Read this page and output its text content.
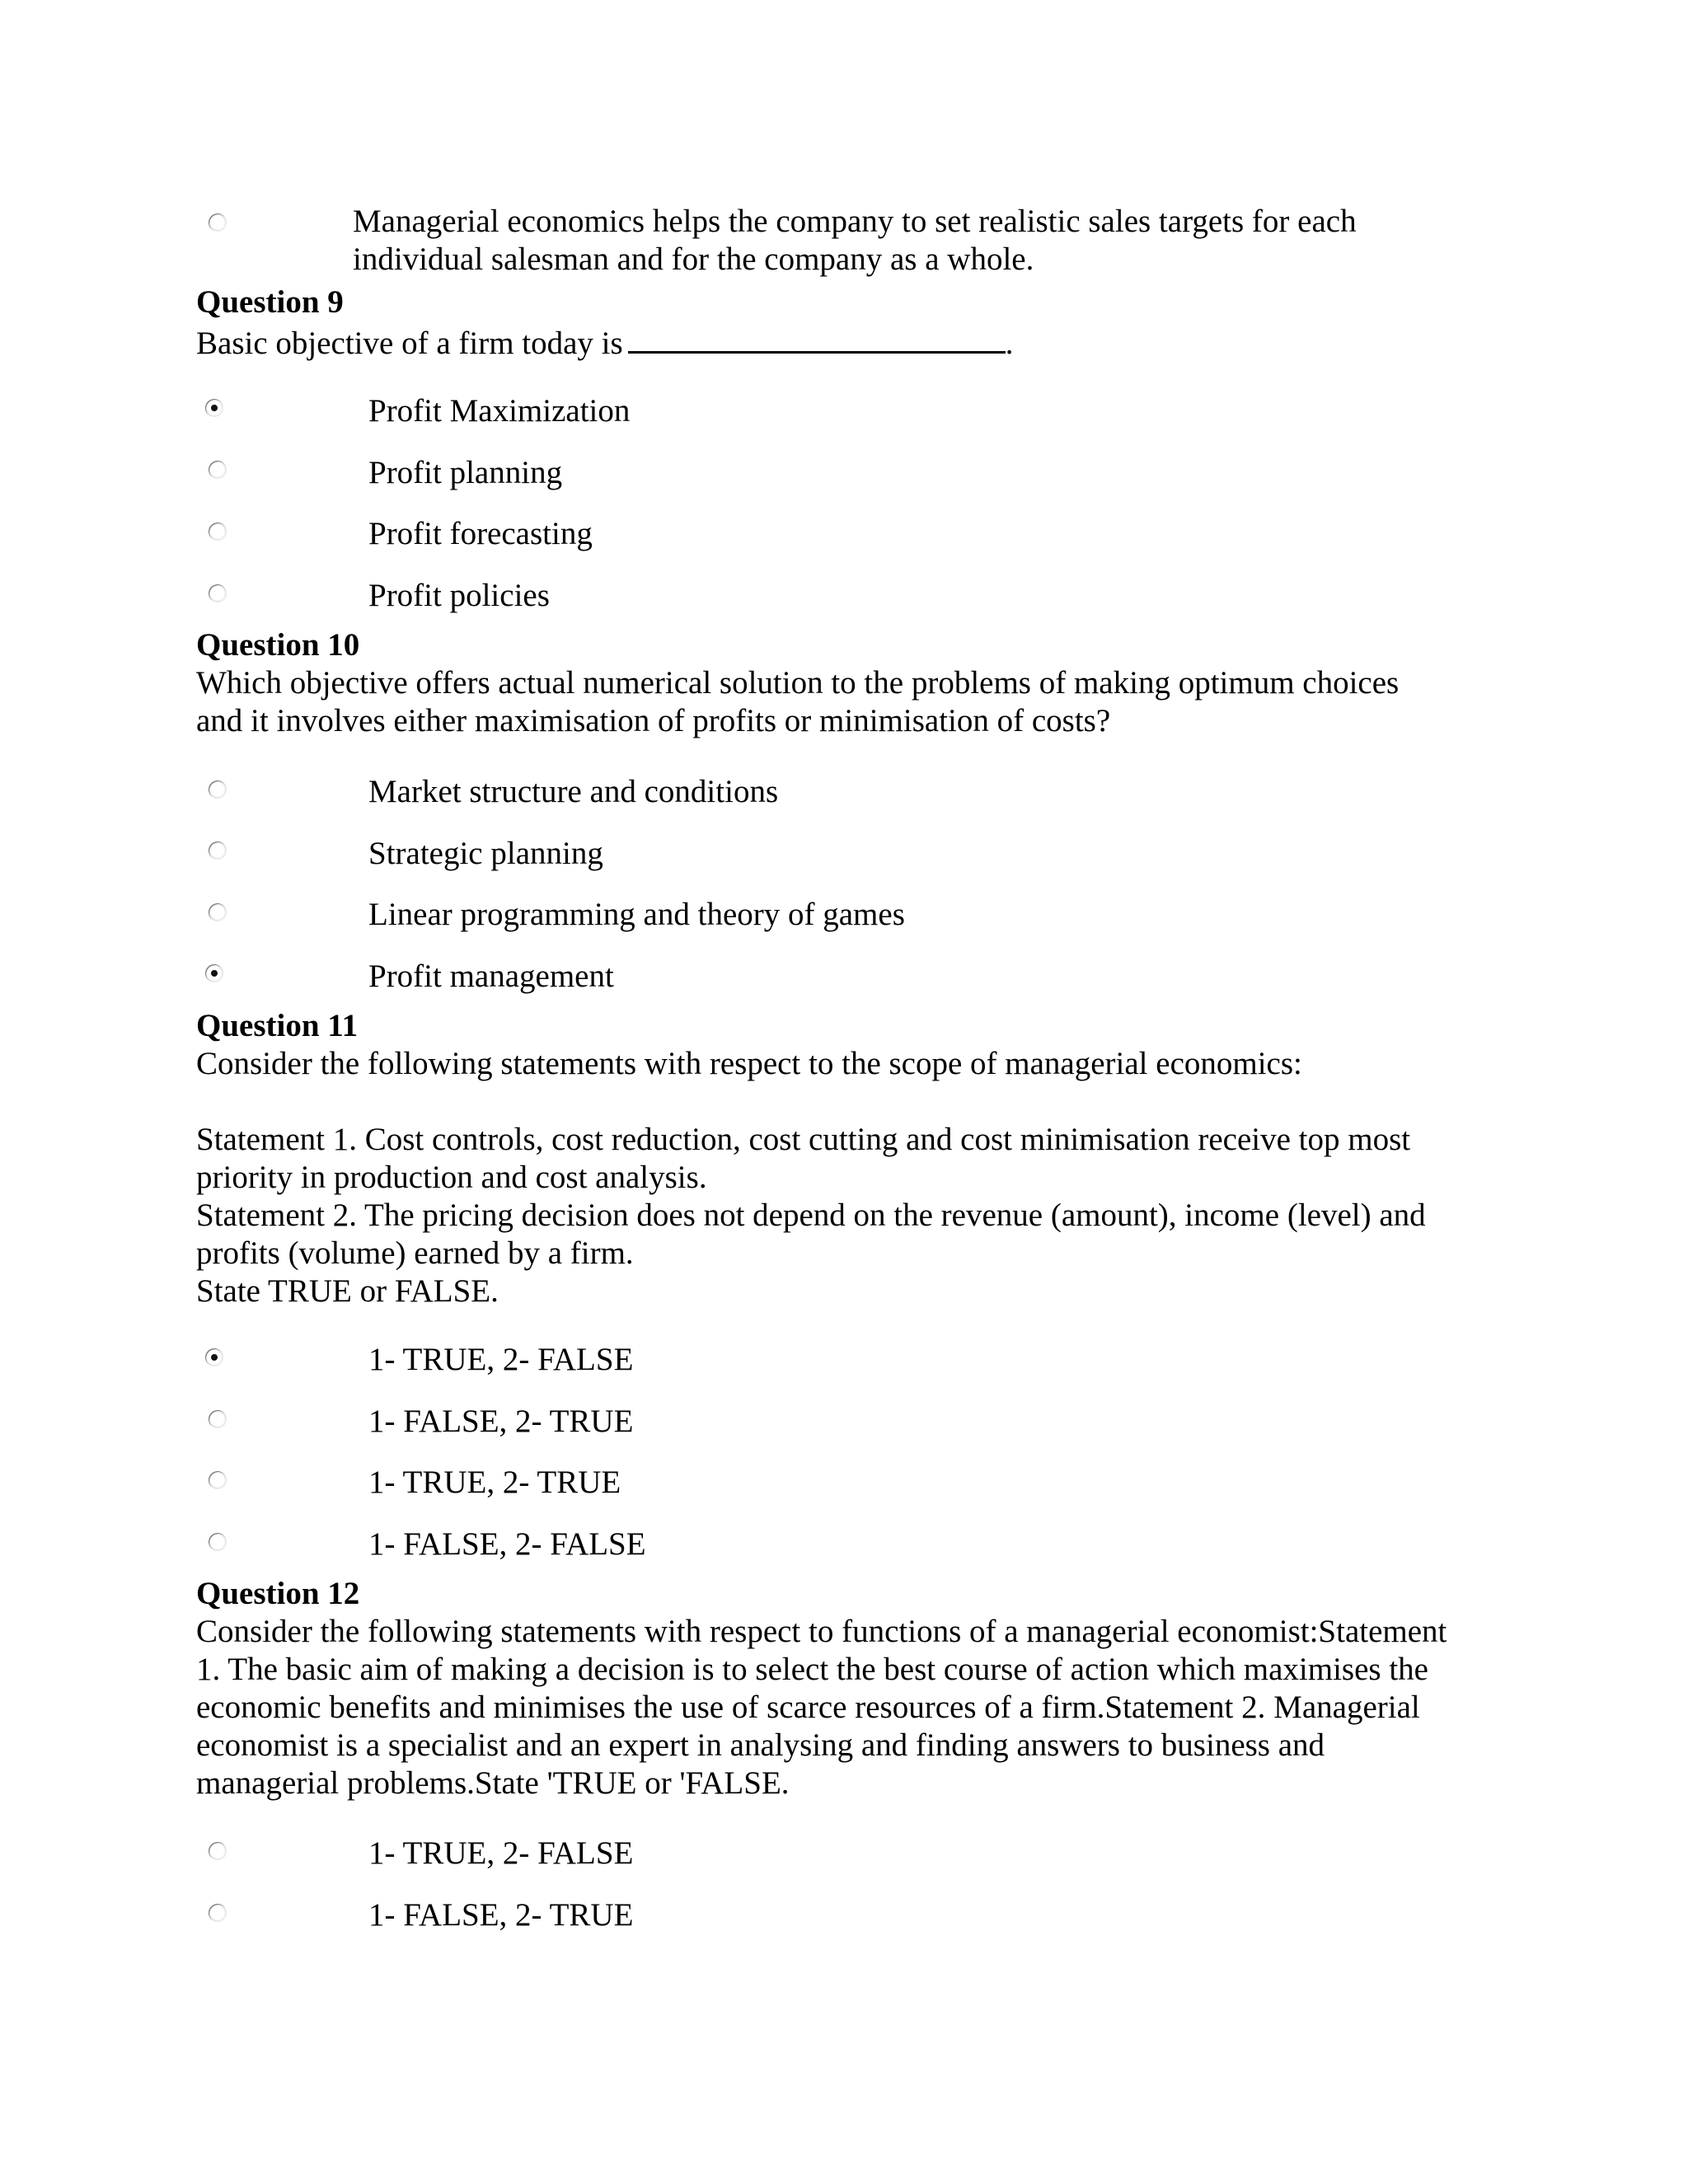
Managerial economics helps the company to set realistic sales targets for each
individual salesman and for the company as a whole.
Question 9
Basic objective of a firm today is	.
Profit Maximization
Profit planning
Profit forecasting
Profit policies
Question 10
Which objective offers actual numerical solution to the problems of making optimum choices
and it involves either maximisation of profits or minimisation of costs?
Market structure and conditions
Strategic planning
Linear programming and theory of games
Profit management
Question 11
Consider the following statements with respect to the scope of managerial economics:
Statement 1. Cost controls, cost reduction, cost cutting and cost minimisation receive top most
priority in production and cost analysis.
Statement 2. The pricing decision does not depend on the revenue (amount), income (level) and
profits (volume) earned by a firm.
State TRUE or FALSE.
1- TRUE, 2- FALSE
1- FALSE, 2- TRUE
1- TRUE, 2- TRUE
1- FALSE, 2- FALSE
Question 12
Consider the following statements with respect to functions of a managerial economist:Statement
1. The basic aim of making a decision is to select the best course of action which maximises the
economic benefits and minimises the use of scarce resources of a firm.Statement 2. Managerial
economist is a specialist and an expert in analysing and finding answers to business and
managerial problems.State 'TRUE or 'FALSE.
1- TRUE, 2- FALSE
1- FALSE, 2- TRUE
